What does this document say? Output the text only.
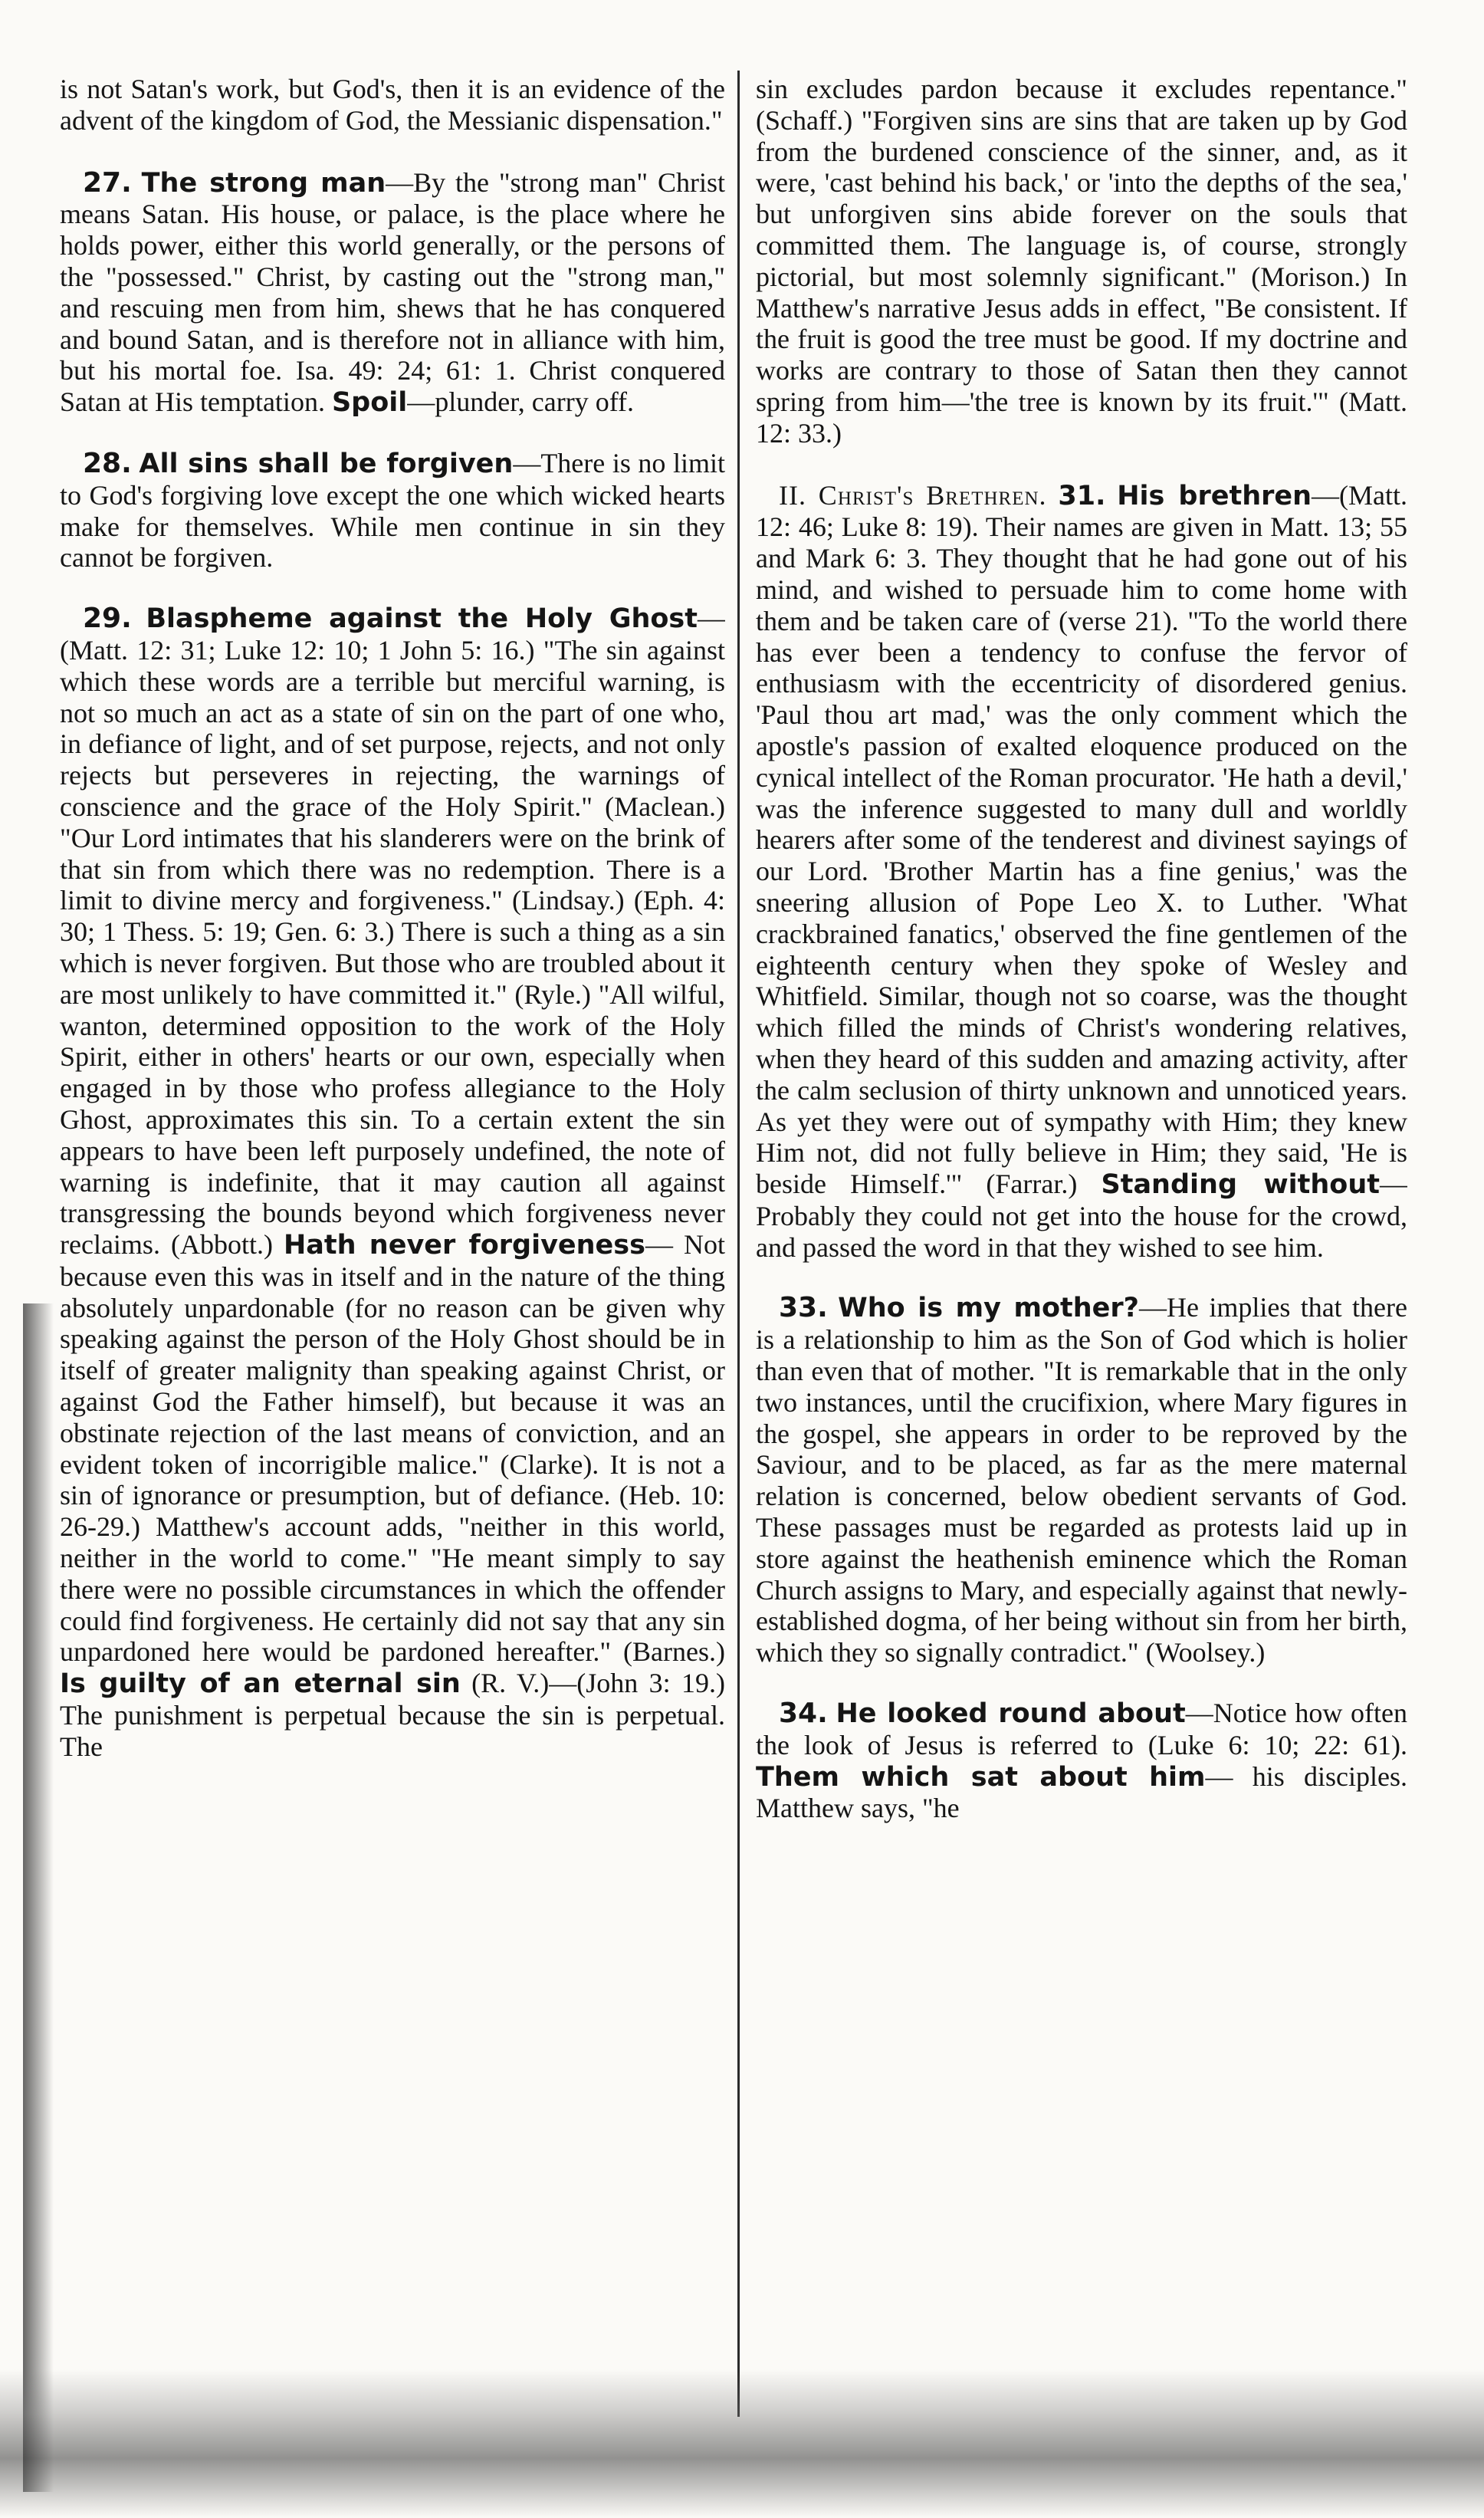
is not Satan's work, but God's, then it is an evidence of the advent of the kingdom of God, the Messianic dispensation."

27. The strong man—By the "strong man" Christ means Satan. His house, or palace, is the place where he holds power, either this world generally, or the persons of the "possessed." Christ, by casting out the "strong man," and rescuing men from him, shews that he has conquered and bound Satan, and is therefore not in alliance with him, but his mortal foe. Isa. 49: 24; 61: 1. Christ conquered Satan at His temptation. Spoil—plunder, carry off.

28. All sins shall be forgiven—There is no limit to God's forgiving love except the one which wicked hearts make for themselves. While men continue in sin they cannot be forgiven.

29. Blaspheme against the Holy Ghost—(Matt. 12: 31; Luke 12: 10; 1 John 5: 16.) "The sin against which these words are a terrible but merciful warning, is not so much an act as a state of sin on the part of one who, in defiance of light, and of set purpose, rejects, and not only rejects but perseveres in rejecting, the warnings of conscience and the grace of the Holy Spirit." (Maclean.) "Our Lord intimates that his slanderers were on the brink of that sin from which there was no redemption. There is a limit to divine mercy and forgiveness." (Lindsay.) (Eph. 4: 30; 1 Thess. 5: 19; Gen. 6: 3.) There is such a thing as a sin which is never forgiven. But those who are troubled about it are most unlikely to have committed it." (Ryle.) "All wilful, wanton, determined opposition to the work of the Holy Spirit, either in others' hearts or our own, especially when engaged in by those who profess allegiance to the Holy Ghost, approximates this sin. To a certain extent the sin appears to have been left purposely undefined, the note of warning is indefinite, that it may caution all against transgressing the bounds beyond which forgiveness never reclaims. (Abbott.) Hath never forgiveness— Not because even this was in itself and in the nature of the thing absolutely unpardonable (for no reason can be given why speaking against the person of the Holy Ghost should be in itself of greater malignity than speaking against Christ, or against God the Father himself), but because it was an obstinate rejection of the last means of conviction, and an evident token of incorrigible malice." (Clarke). It is not a sin of ignorance or presumption, but of defiance. (Heb. 10: 26-29.) Matthew's account adds, "neither in this world, neither in the world to come." "He meant simply to say there were no possible circumstances in which the offender could find forgiveness. He certainly did not say that any sin unpardoned here would be pardoned hereafter." (Barnes.) Is guilty of an eternal sin (R. V.)—(John 3: 19.) The punishment is perpetual because the sin is perpetual. The

sin excludes pardon because it excludes repentance." (Schaff.) "Forgiven sins are sins that are taken up by God from the burdened conscience of the sinner, and, as it were, 'cast behind his back,' or 'into the depths of the sea,' but unforgiven sins abide forever on the souls that committed them. The language is, of course, strongly pictorial, but most solemnly significant." (Morison.) In Matthew's narrative Jesus adds in effect, "Be consistent. If the fruit is good the tree must be good. If my doctrine and works are contrary to those of Satan then they cannot spring from him—'the tree is known by its fruit.'" (Matt. 12: 33.)

II. Christ's Brethren. 31. His brethren—(Matt. 12: 46; Luke 8: 19). Their names are given in Matt. 13; 55 and Mark 6: 3. They thought that he had gone out of his mind, and wished to persuade him to come home with them and be taken care of (verse 21). "To the world there has ever been a tendency to confuse the fervor of enthusiasm with the eccentricity of disordered genius. 'Paul thou art mad,' was the only comment which the apostle's passion of exalted eloquence produced on the cynical intellect of the Roman procurator. 'He hath a devil,' was the inference suggested to many dull and worldly hearers after some of the tenderest and divinest sayings of our Lord. 'Brother Martin has a fine genius,' was the sneering allusion of Pope Leo X. to Luther. 'What crackbrained fanatics,' observed the fine gentlemen of the eighteenth century when they spoke of Wesley and Whitfield. Similar, though not so coarse, was the thought which filled the minds of Christ's wondering relatives, when they heard of this sudden and amazing activity, after the calm seclusion of thirty unknown and unnoticed years. As yet they were out of sympathy with Him; they knew Him not, did not fully believe in Him; they said, 'He is beside Himself.'" (Farrar.) Standing without—Probably they could not get into the house for the crowd, and passed the word in that they wished to see him.

33. Who is my mother?—He implies that there is a relationship to him as the Son of God which is holier than even that of mother. "It is remarkable that in the only two instances, until the crucifixion, where Mary figures in the gospel, she appears in order to be reproved by the Saviour, and to be placed, as far as the mere maternal relation is concerned, below obedient servants of God. These passages must be regarded as protests laid up in store against the heathenish eminence which the Roman Church assigns to Mary, and especially against that newly-established dogma, of her being without sin from her birth, which they so signally contradict." (Woolsey.)

34. He looked round about—Notice how often the look of Jesus is referred to (Luke 6: 10; 22: 61). Them which sat about him— his disciples. Matthew says, "he
